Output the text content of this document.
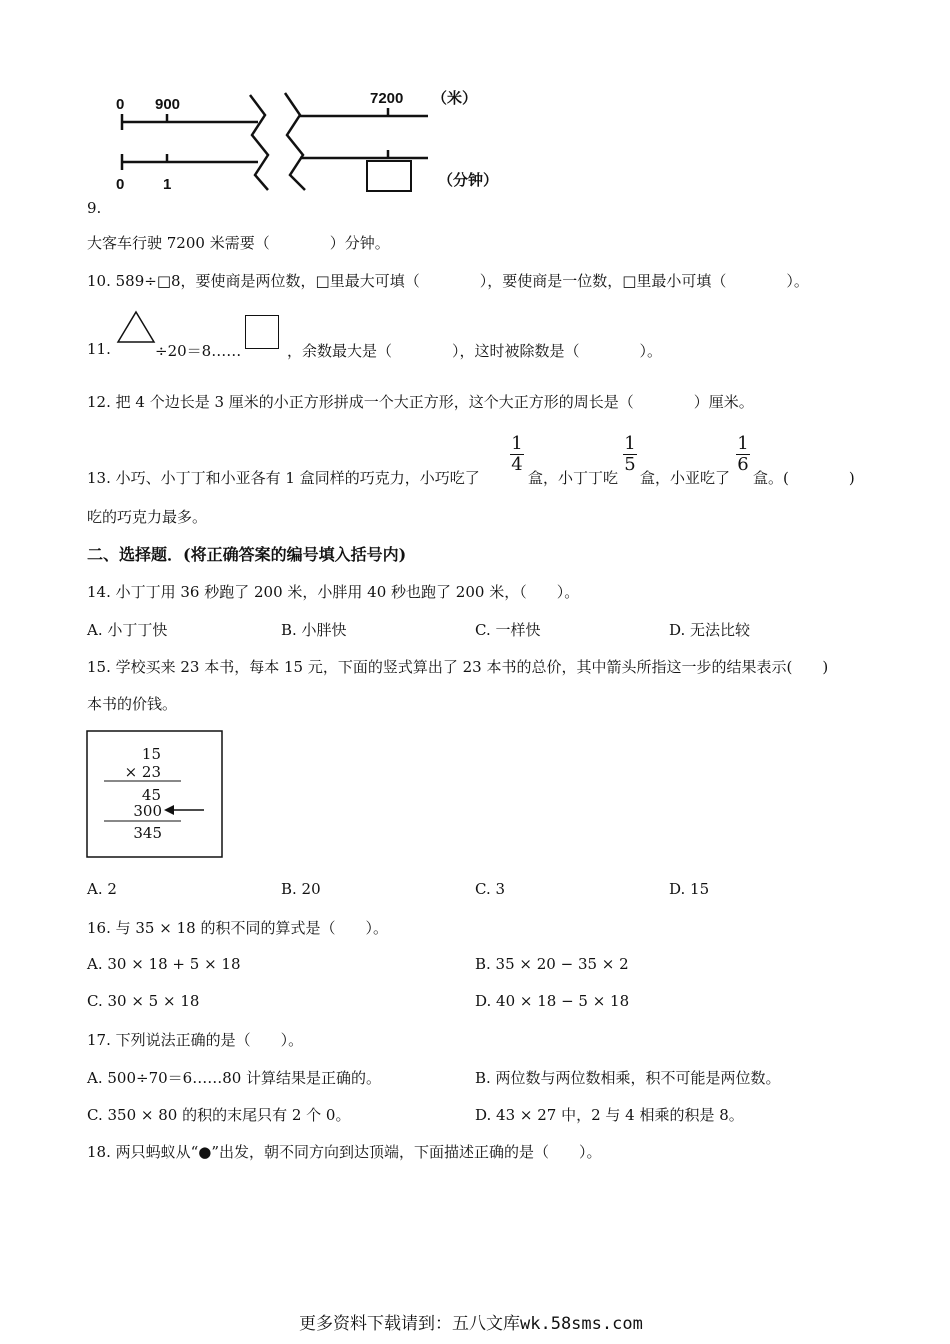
0 900	7200 （米）
0	1	（分钟）
9.
大客车行驶 7200 米需要（　　　　）分钟。
10. 589÷□8，要使商是两位数，□里最大可填（　　　　），要使商是一位数，□里最小可填（　　　　）。
11.	÷20＝8……	，余数最大是（　　　　），这时被除数是（　　　　）。
12. 把 4 个边长是 3 厘米的小正方形拼成一个大正方形，这个大正方形的周长是（　　　　）厘米。
13. 小巧、小丁丁和小亚各有 1 盒同样的巧克力，小巧吃了
1
4
盒，小丁丁吃
1
5
盒，小亚吃了
1
6
盒。(　　　　)
吃的巧克力最多。
二、选择题．(将正确答案的编号填入括号内)
14. 小丁丁用 36 秒跑了 200 米，小胖用 40 秒也跑了 200 米，（　　）。
A. 小丁丁快	B. 小胖快	C. 一样快	D. 无法比较
15. 学校买来 23 本书，每本 15 元，下面的竖式算出了 23 本书的总价，其中箭头所指这一步的结果表示(　　)
本书的价钱。
15
× 23
45
300
345
A. 2	B. 20	C. 3	D. 15
16. 与 35 × 18 的积不同的算式是（　　）。
A. 30 × 18 + 5 × 18	B. 35 × 20 − 35 × 2
C. 30 × 5 × 18	D. 40 × 18 − 5 × 18
17. 下列说法正确的是（　　）。
A. 500÷70＝6……80 计算结果是正确的。	B. 两位数与两位数相乘，积不可能是两位数。
C. 350 × 80 的积的末尾只有 2 个 0。	D. 43 × 27 中，2 与 4 相乘的积是 8。
18. 两只蚂蚁从“●”出发，朝不同方向到达顶端，下面描述正确的是（　　）。
更多资料下载请到：五八文库wk.58sms.com
